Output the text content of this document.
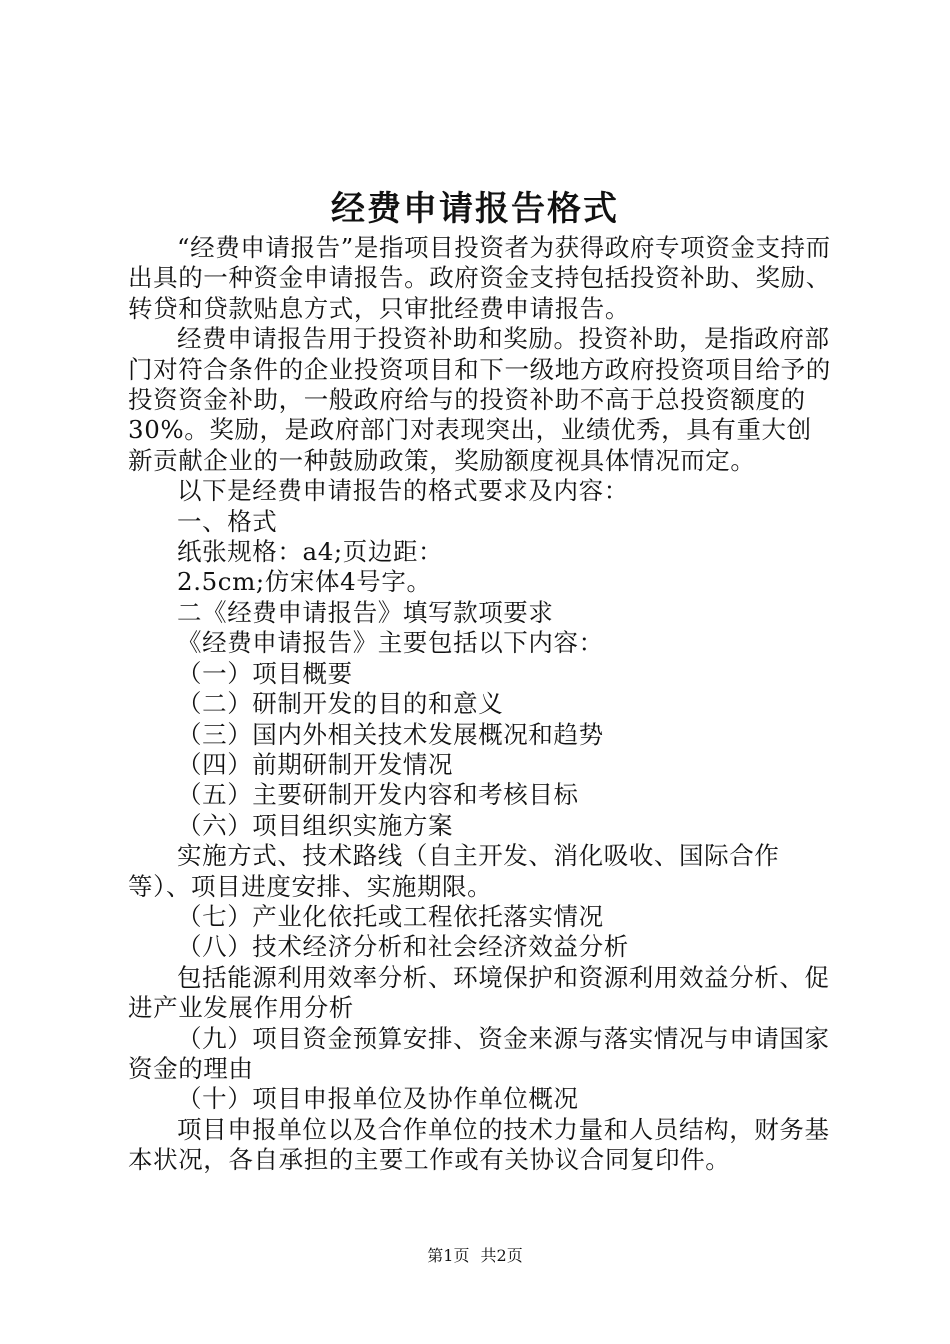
经费申请报告格式

“经费申请报告”是指项目投资者为获得政府专项资金支持而出具的一种资金申请报告。政府资金支持包括投资补助、奖励、转贷和贷款贴息方式，只审批经费申请报告。

经费申请报告用于投资补助和奖励。投资补助，是指政府部门对符合条件的企业投资项目和下一级地方政府投资项目给予的投资资金补助，一般政府给与的投资补助不高于总投资额度的30%。奖励，是政府部门对表现突出，业绩优秀，具有重大创新贡献企业的一种鼓励政策，奖励额度视具体情况而定。

以下是经费申请报告的格式要求及内容：

一、格式

纸张规格：a4;页边距：

2.5cm;仿宋体4号字。

二《经费申请报告》填写款项要求

《经费申请报告》主要包括以下内容：

（一）项目概要

（二）研制开发的目的和意义

（三）国内外相关技术发展概况和趋势

（四）前期研制开发情况

（五）主要研制开发内容和考核目标

（六）项目组织实施方案

实施方式、技术路线（自主开发、消化吸收、国际合作等）、项目进度安排、实施期限。

（七）产业化依托或工程依托落实情况

（八）技术经济分析和社会经济效益分析

包括能源利用效率分析、环境保护和资源利用效益分析、促进产业发展作用分析

（九）项目资金预算安排、资金来源与落实情况与申请国家资金的理由

（十）项目申报单位及协作单位概况

项目申报单位以及合作单位的技术力量和人员结构，财务基本状况，各自承担的主要工作或有关协议合同复印件。

第1页 共2页
